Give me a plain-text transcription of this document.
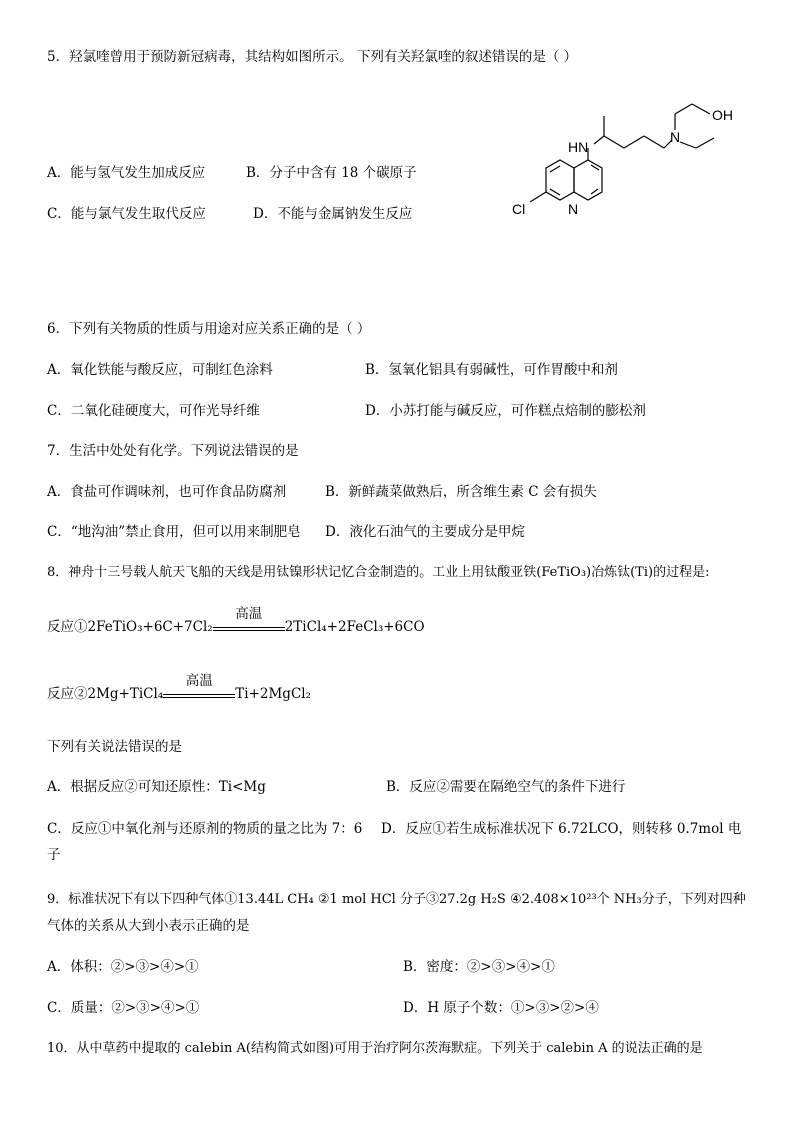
5．羟氯喹曾用于预防新冠病毒，其结构如图所示。 下列有关羟氯喹的叙述错误的是（ ）
A．能与氢气发生加成反应	B．分子中含有 18 个碳原子
C．能与氯气发生取代反应	D．不能与金属钠发生反应
OH
N
HN
Cl	N
6．下列有关物质的性质与用途对应关系正确的是（ ）
A．氧化铁能与酸反应，可制红色涂料	B．氢氧化铝具有弱碱性，可作胃酸中和剂
C．二氧化硅硬度大，可作光导纤维	D．小苏打能与碱反应，可作糕点焙制的膨松剂
7．生活中处处有化学。下列说法错误的是
A．食盐可作调味剂，也可作食品防腐剂	B．新鲜蔬菜做熟后，所含维生素 C 会有损失
C．“地沟油”禁止食用，但可以用来制肥皂 D．液化石油气的主要成分是甲烷
8．神舟十三号载人航天飞船的天线是用钛镍形状记忆合金制造的。工业上用钛酸亚铁(FeTiO₃)冶炼钛(Ti)的过程是:
反应①2FeTiO₃+6C+7Cl₂
高温
2TiCl₄+2FeCl₃+6CO
反应②2Mg+TiCl₄
高温
Ti+2MgCl₂
下列有关说法错误的是
A．根据反应②可知还原性：Ti<Mg	B．反应②需要在隔绝空气的条件下进行
C．反应①中氧化剂与还原剂的物质的量之比为 7：6 D．反应①若生成标准状况下 6.72LCO，则转移 0.7mol 电
子
9．标准状况下有以下四种气体①13.44L CH₄ ②1 mol HCl 分子③27.2g H₂S ④2.408×10²³个 NH₃分子，下列对四种
气体的关系从大到小表示正确的是
A．体积：②>③>④>①	B．密度：②>③>④>①
C．质量：②>③>④>①	D．H 原子个数：①>③>②>④
10．从中草药中提取的 calebin A(结构简式如图)可用于治疗阿尔茨海默症。下列关于 calebin A 的说法正确的是
